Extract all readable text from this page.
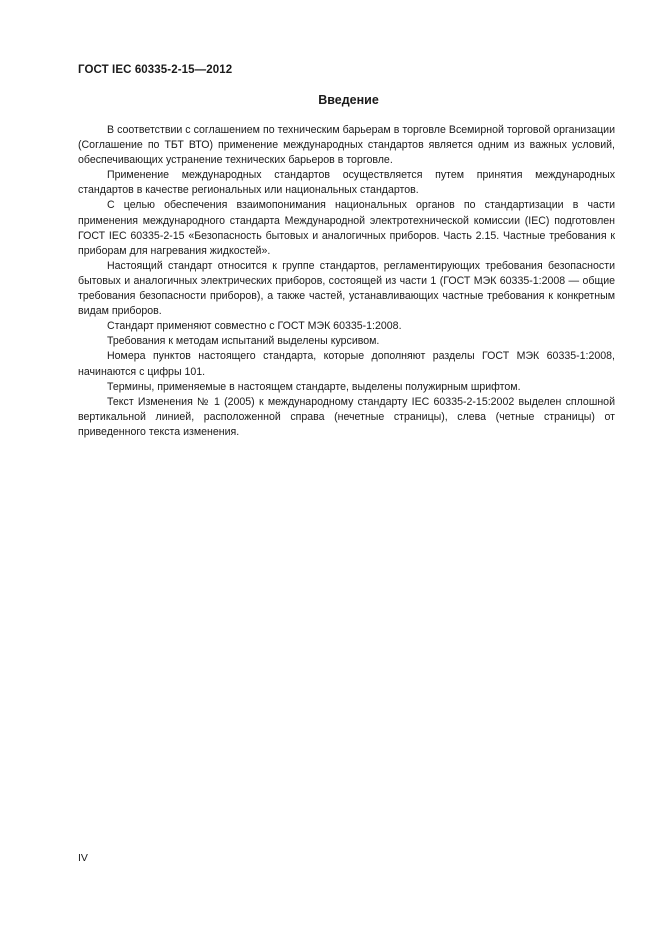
ГОСТ IEC 60335-2-15—2012
Введение

В соответствии с соглашением по техническим барьерам в торговле Всемирной торговой организации (Соглашение по ТБТ ВТО) применение международных стандартов является одним из важных условий, обеспечивающих устранение технических барьеров в торговле.

Применение международных стандартов осуществляется путем принятия международных стандартов в качестве региональных или национальных стандартов.

С целью обеспечения взаимопонимания национальных органов по стандартизации в части применения международного стандарта Международной электротехнической комиссии (IEC) подготовлен ГОСТ IEC 60335-2-15 «Безопасность бытовых и аналогичных приборов. Часть 2.15. Частные требования к приборам для нагревания жидкостей».

Настоящий стандарт относится к группе стандартов, регламентирующих требования безопасности бытовых и аналогичных электрических приборов, состоящей из части 1 (ГОСТ МЭК 60335-1:2008 — общие требования безопасности приборов), а также частей, устанавливающих частные требования к конкретным видам приборов.

Стандарт применяют совместно с ГОСТ МЭК 60335-1:2008.

Требования к методам испытаний выделены курсивом.

Номера пунктов настоящего стандарта, которые дополняют разделы ГОСТ МЭК 60335-1:2008, начинаются с цифры 101.

Термины, применяемые в настоящем стандарте, выделены полужирным шрифтом.

Текст Изменения № 1 (2005) к международному стандарту IEC 60335-2-15:2002 выделен сплошной вертикальной линией, расположенной справа (нечетные страницы), слева (четные страницы) от приведенного текста изменения.

IV
